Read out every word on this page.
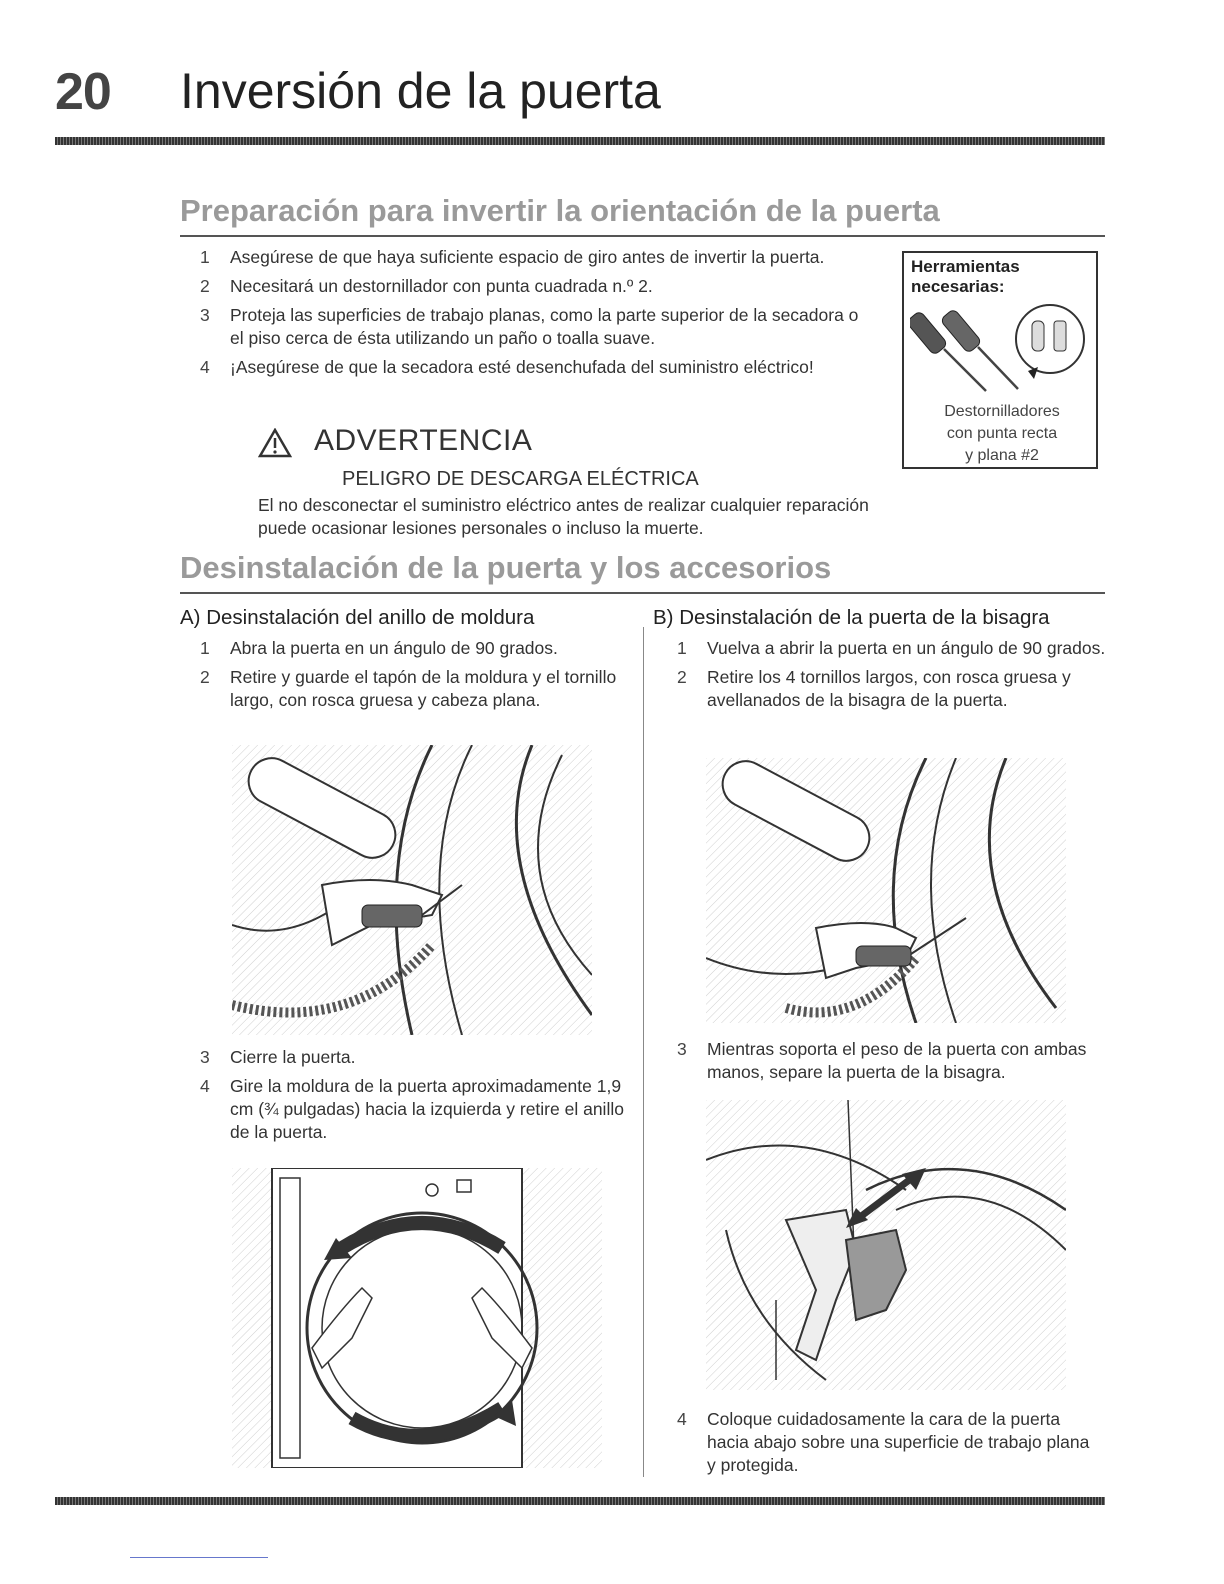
20 Inversión de la puerta
Preparación para invertir la orientación de la puerta
1	Asegúrese de que haya suficiente espacio de giro antes de invertir la puerta.
2	Necesitará un destornillador con punta cuadrada n.º 2.
3	Proteja las superficies de trabajo planas, como la parte superior de la secadora o el piso cerca de ésta utilizando un paño o toalla suave.
4	¡Asegúrese de que la secadora esté desenchufada del suministro eléctrico!
ADVERTENCIA
PELIGRO DE DESCARGA ELÉCTRICA
El no desconectar el suministro eléctrico antes de realizar cualquier reparación puede ocasionar lesiones personales o incluso la muerte.
Herramientas
necesarias:
Destornilladores
con punta recta
y plana #2
Desinstalación de la puerta y los accesorios
A) Desinstalación del anillo de moldura
1	Abra la puerta en un ángulo de 90 grados.
2	Retire y guarde el tapón de la moldura y el tornillo largo, con rosca gruesa y cabeza plana.
3	Cierre la puerta.
4	Gire la moldura de la puerta aproximadamente 1,9 cm (¾ pulgadas) hacia la izquierda y retire el anillo de la puerta.
B) Desinstalación de la puerta de la bisagra
1	Vuelva a abrir la puerta en un ángulo de 90 grados.
2	Retire los 4 tornillos largos, con rosca gruesa y avellanados de la bisagra de la puerta.
3	Mientras soporta el peso de la puerta con ambas manos, separe la puerta de la bisagra.
4	Coloque cuidadosamente la cara de la puerta hacia abajo sobre una superficie de trabajo plana y protegida.
